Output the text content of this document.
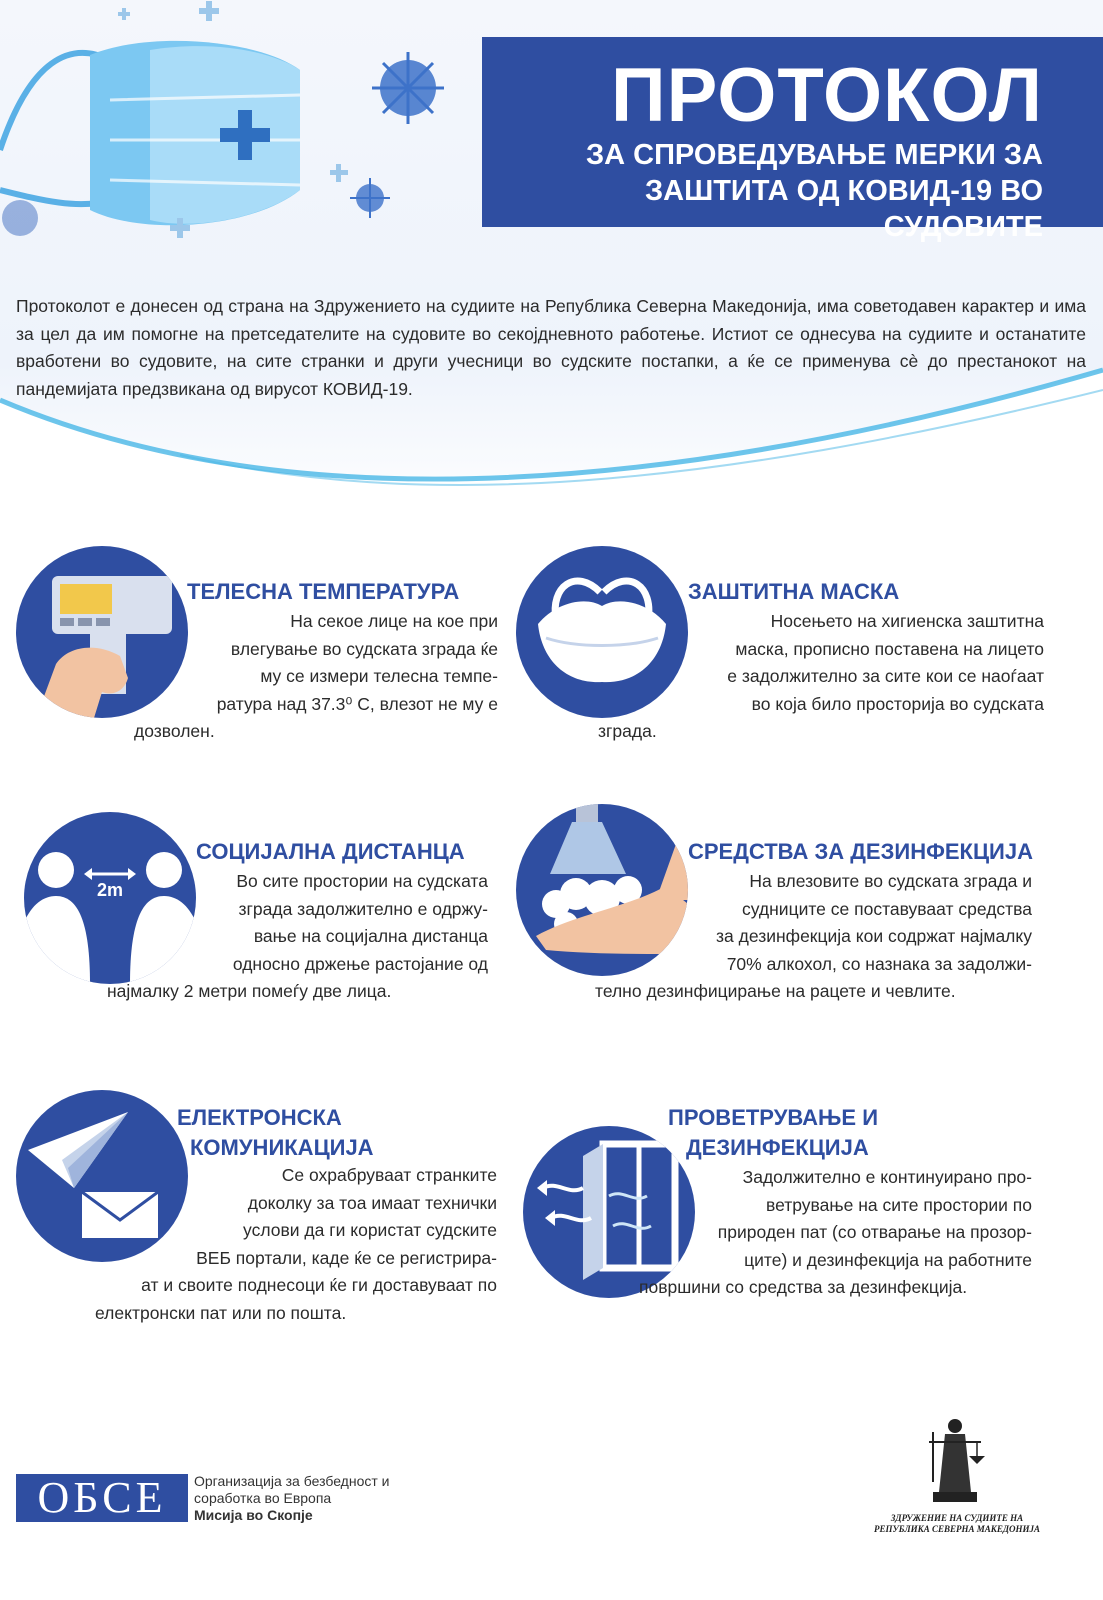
ПРОТОКОЛ
ЗА СПРОВЕДУВАЊЕ МЕРКИ ЗА
ЗАШТИТА ОД КОВИД-19 ВО СУДОВИТЕ
Протоколот е донесен од страна на Здружението на судиите на Република Северна Македонија, има советодавен карактер и има за цел да им помогне на претседателите на судовите во секојдневното работење. Истиот се однесува на судиите и останатите вработени во судовите, на сите странки и други учесници во судските постапки, а ќе се применува сè до престанокот на пандемијата предзвикана од вирусот КОВИД-19.
ТЕЛЕСНА ТЕМПЕРАТУРА
На секое лице на кое при
влегување во судската зграда ќе
му се измери телесна темпе-
ратура над 37.3⁰ C, влезот не му е
дозволен.
ЗАШТИТНА МАСКА
Носењето на хигиенска заштитна
маска, прописно поставена на лицето
е задолжително за сите кои се наоѓаат
во која било просторија во судската
зграда.
2m
СОЦИЈАЛНА ДИСТАНЦА
Во сите простории на судската
зграда задолжително е одржу-
вање на социјална дистанца
односно држење растојание од
најмалку 2 метри помеѓу две лица.
СРЕДСТВА ЗА ДЕЗИНФЕКЦИЈА
На влезовите во судската зграда и
судниците се поставуваат средства
за дезинфекција кои содржат најмалку
70% алкохол, со назнака за задолжи-
телно дезинфицирање на рацете и чевлите.
ЕЛЕКТРОНСКА
КОМУНИКАЦИЈА
Се охрабруваат странките
доколку за тоа имаат технички
услови да ги користат судските
ВЕБ портали, каде ќе се регистрира-
ат и своите поднесоци ќе ги доставуваат по
електронски пат или по пошта.
ПРОВЕТРУВАЊЕ И
ДЕЗИНФЕКЦИЈА
Задолжително е континуирано про-
ветрување на сите простории по
природен пат (со отварање на прозор-
ците) и дезинфекција на работните
површини со средства за дезинфекција.
ОБСЕ	Организација за безбедност и
соработка во Европа
Мисија во Скопје	ЗДРУЖЕНИЕ НА СУДИИТЕ НА
РЕПУБЛИКА СЕВЕРНА МАКЕДОНИЈА
